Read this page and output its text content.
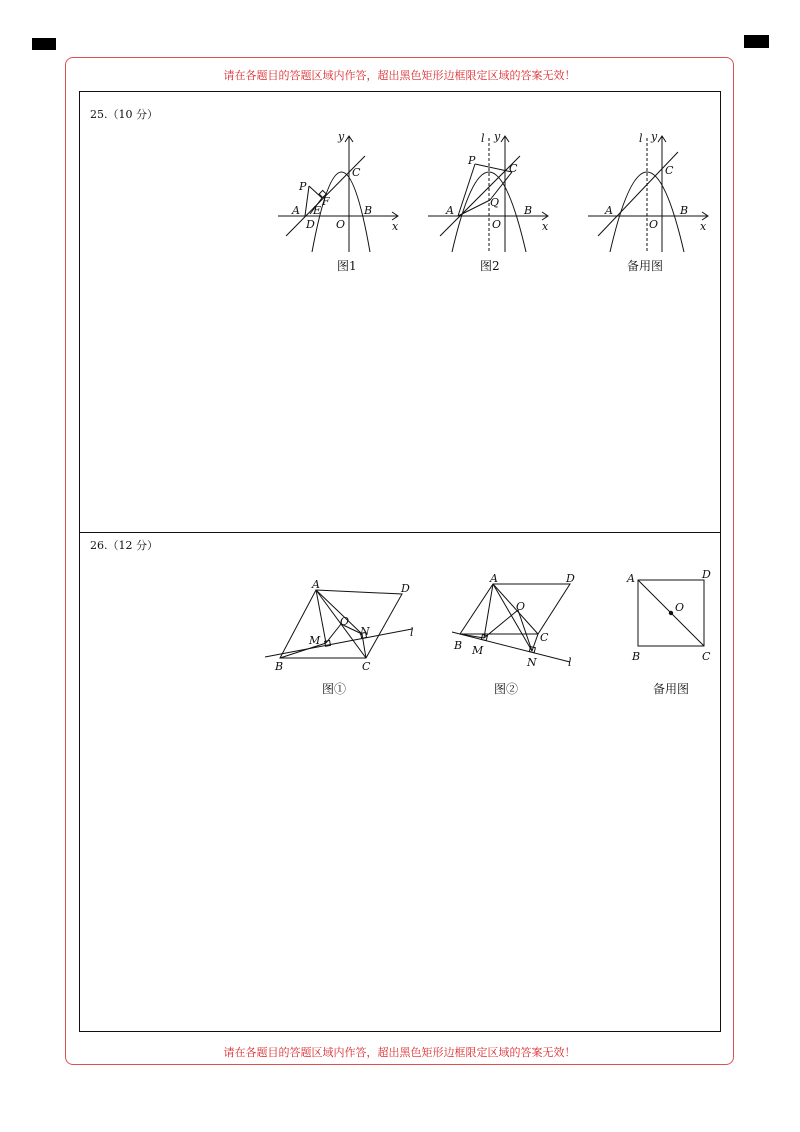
请在各题目的答题区域内作答，超出黑色矩形边框限定区域的答案无效！
请在各题目的答题区域内作答，超出黑色矩形边框限定区域的答案无效！
25.（10 分）
26.（12 分）
A	B
C
O
P
F
E
D	x
y
图1
A	B
C
O
P
Q
l
x
y
图2
A	B
C
O
l
x
y
备用图
A	D
B	C
O
M
N	l
图①
A	D
B
C
O
M
N	l
图②
A	D
B	C
O
备用图
